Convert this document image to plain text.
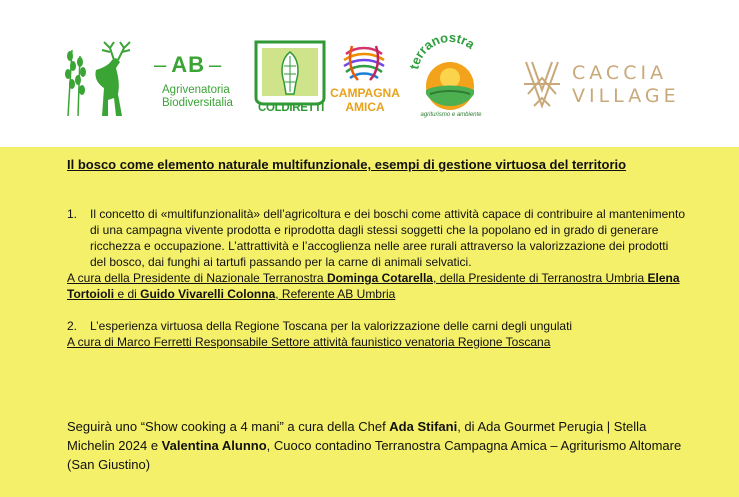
– AB –
Agrivenatoria
Biodiversitalia	COLDIRETTI
CAMPAGNA
AMICA
terranostra
agriturismo e ambiente
CACCIA
VILLAGE
Il bosco come elemento naturale multifunzionale, esempi di gestione virtuosa del territorio
1. Il concetto di «multifunzionalità» dell’agricoltura e dei boschi come attività capace di contribuire al mantenimento di una campagna vivente prodotta e riprodotta dagli stessi soggetti che la popolano ed in grado di generare ricchezza e occupazione. L’attrattività e l’accoglienza nelle aree rurali attraverso la valorizzazione dei prodotti del bosco, dai funghi ai tartufi passando per la carne di animali selvatici.
A cura della Presidente di Nazionale Terranostra Dominga Cotarella, della Presidente di Terranostra Umbria Elena Tortoioli e di Guido Vivarelli Colonna, Referente AB Umbria
2. L’esperienza virtuosa della Regione Toscana per la valorizzazione delle carni degli ungulati
A cura di Marco Ferretti Responsabile Settore attività faunistico venatoria Regione Toscana
Seguirà uno “Show cooking a 4 mani” a cura della Chef Ada Stifani, di Ada Gourmet Perugia | Stella Michelin 2024 e Valentina Alunno, Cuoco contadino Terranostra Campagna Amica – Agriturismo Altomare (San Giustino)
